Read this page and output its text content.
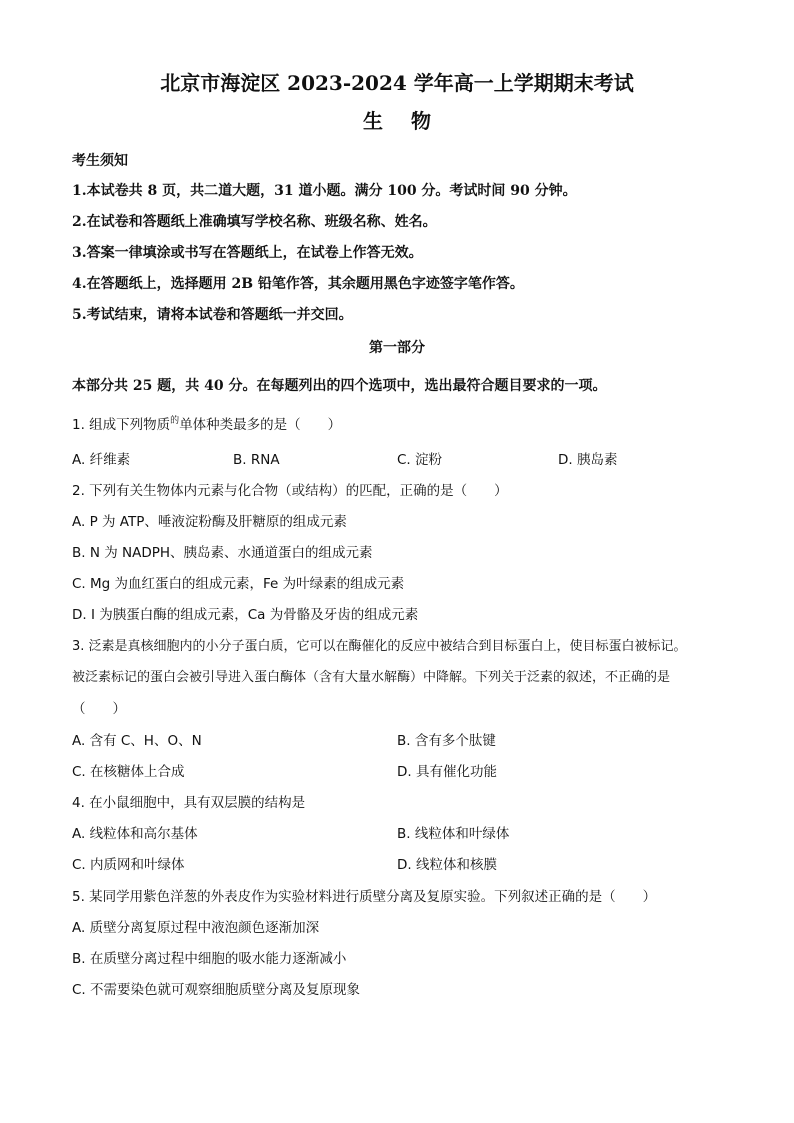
北京市海淀区 2023-2024 学年高一上学期期末考试
生物
考生须知
1.本试卷共 8 页，共二道大题，31 道小题。满分 100 分。考试时间 90 分钟。
2.在试卷和答题纸上准确填写学校名称、班级名称、姓名。
3.答案一律填涂或书写在答题纸上，在试卷上作答无效。
4.在答题纸上，选择题用 2B 铅笔作答，其余题用黑色字迹签字笔作答。
5.考试结束，请将本试卷和答题纸一并交回。
第一部分
本部分共 25 题，共 40 分。在每题列出的四个选项中，选出最符合题目要求的一项。
1. 组成下列物质$^的$单体种类最多的是（　　）
A. 纤维素	B. RNA	C. 淀粉	D. 胰岛素
2. 下列有关生物体内元素与化合物（或结构）的匹配，正确的是（　　）
A. P 为 ATP、唾液淀粉酶及肝糖原的组成元素
B. N 为 NADPH、胰岛素、水通道蛋白的组成元素
C. Mg 为血红蛋白的组成元素，Fe 为叶绿素的组成元素
D. I 为胰蛋白酶的组成元素，Ca 为骨骼及牙齿的组成元素
3. 泛素是真核细胞内的小分子蛋白质，它可以在酶催化的反应中被结合到目标蛋白上，使目标蛋白被标记。
被泛素标记的蛋白会被引导进入蛋白酶体（含有大量水解酶）中降解。下列关于泛素的叙述，不正确的是
（　　）
A. 含有 C、H、O、N	B. 含有多个肽键
C. 在核糖体上合成	D. 具有催化功能
4. 在小鼠细胞中，具有双层膜的结构是
A. 线粒体和高尔基体	B. 线粒体和叶绿体
C. 内质网和叶绿体	D. 线粒体和核膜
5. 某同学用紫色洋葱的外表皮作为实验材料进行质壁分离及复原实验。下列叙述正确的是（　　）
A. 质壁分离复原过程中液泡颜色逐渐加深
B. 在质壁分离过程中细胞的吸水能力逐渐减小
C. 不需要染色就可观察细胞质壁分离及复原现象
